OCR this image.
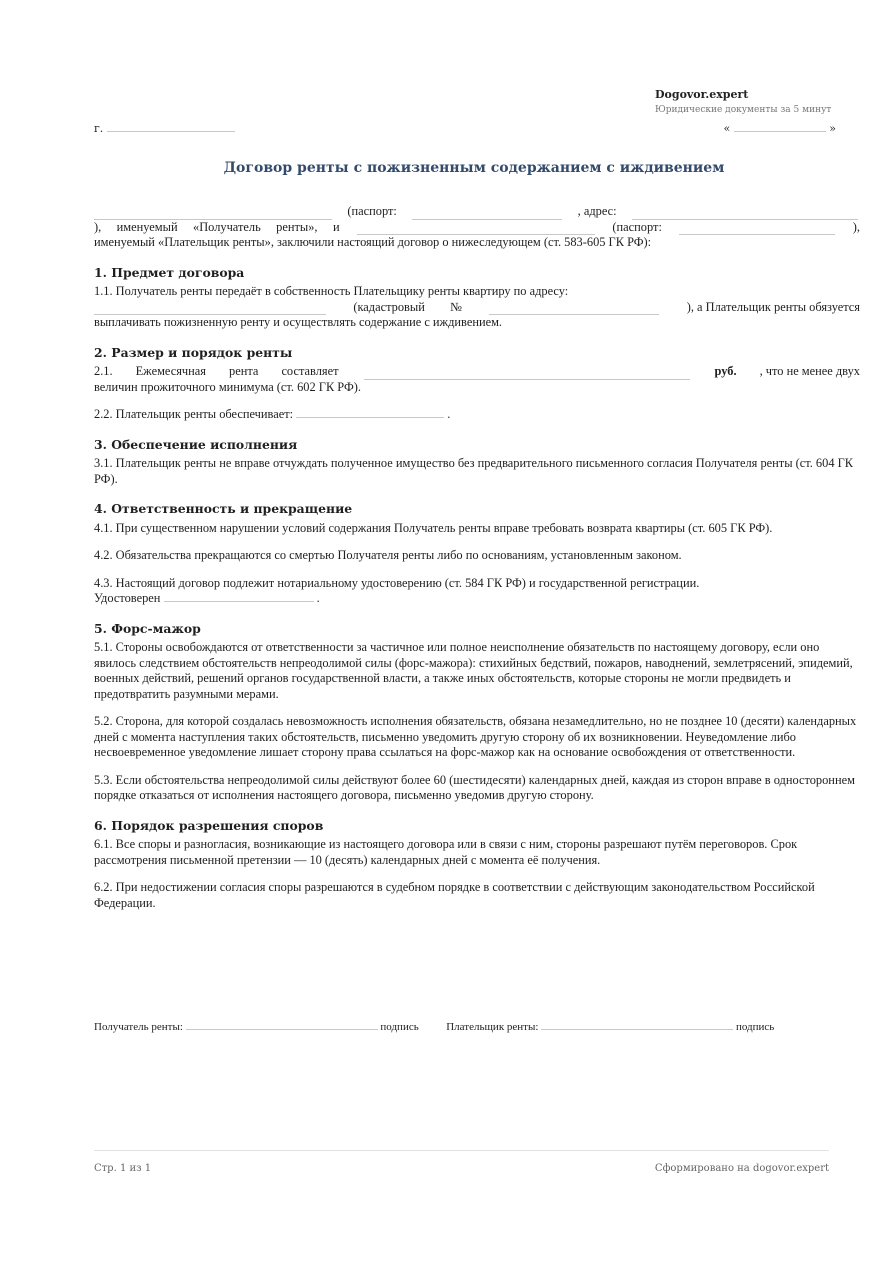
Dogovor.expert
Юридические документы за 5 минут
г.	«	»
Договор ренты с пожизненным содержанием с иждивением
(паспорт:	, адрес:
), именуемый «Получатель ренты», и	(паспорт:	),
именуемый «Плательщик ренты», заключили настоящий договор о нижеследующем (ст. 583-605 ГК РФ):
1. Предмет договора
1.1. Получатель ренты передаёт в собственность Плательщику ренты квартиру по адресу:
(кадастровый №	), а Плательщик ренты обязуется
выплачивать пожизненную ренту и осуществлять содержание с иждивением.
2. Размер и порядок ренты
2.1. Ежемесячная рента составляет	руб. , что не менее двух
величин прожиточного минимума (ст. 602 ГК РФ).
2.2. Плательщик ренты обеспечивает:	.
3. Обеспечение исполнения
3.1. Плательщик ренты не вправе отчуждать полученное имущество без предварительного письменного согласия Получателя ренты (ст. 604 ГК РФ).
4. Ответственность и прекращение
4.1. При существенном нарушении условий содержания Получатель ренты вправе требовать возврата квартиры (ст. 605 ГК РФ).
4.2. Обязательства прекращаются со смертью Получателя ренты либо по основаниям, установленным законом.
4.3. Настоящий договор подлежит нотариальному удостоверению (ст. 584 ГК РФ) и государственной регистрации.
Удостоверен	.
5. Форс-мажор
5.1. Стороны освобождаются от ответственности за частичное или полное неисполнение обязательств по настоящему договору, если оно явилось следствием обстоятельств непреодолимой силы (форс-мажора): стихийных бедствий, пожаров, наводнений, землетрясений, эпидемий, военных действий, решений органов государственной власти, а также иных обстоятельств, которые стороны не могли предвидеть и предотвратить разумными мерами.
5.2. Сторона, для которой создалась невозможность исполнения обязательств, обязана незамедлительно, но не позднее 10 (десяти) календарных дней с момента наступления таких обстоятельств, письменно уведомить другую сторону об их возникновении. Неуведомление либо несвоевременное уведомление лишает сторону права ссылаться на форс-мажор как на основание освобождения от ответственности.
5.3. Если обстоятельства непреодолимой силы действуют более 60 (шестидесяти) календарных дней, каждая из сторон вправе в одностороннем порядке отказаться от исполнения настоящего договора, письменно уведомив другую сторону.
6. Порядок разрешения споров
6.1. Все споры и разногласия, возникающие из настоящего договора или в связи с ним, стороны разрешают путём переговоров. Срок рассмотрения письменной претензии — 10 (десять) календарных дней с момента её получения.
6.2. При недостижении согласия споры разрешаются в судебном порядке в соответствии с действующим законодательством Российской Федерации.
Получатель ренты:	подпись	Плательщик ренты:	подпись
Стр. 1 из 1	Сформировано на dogovor.expert
